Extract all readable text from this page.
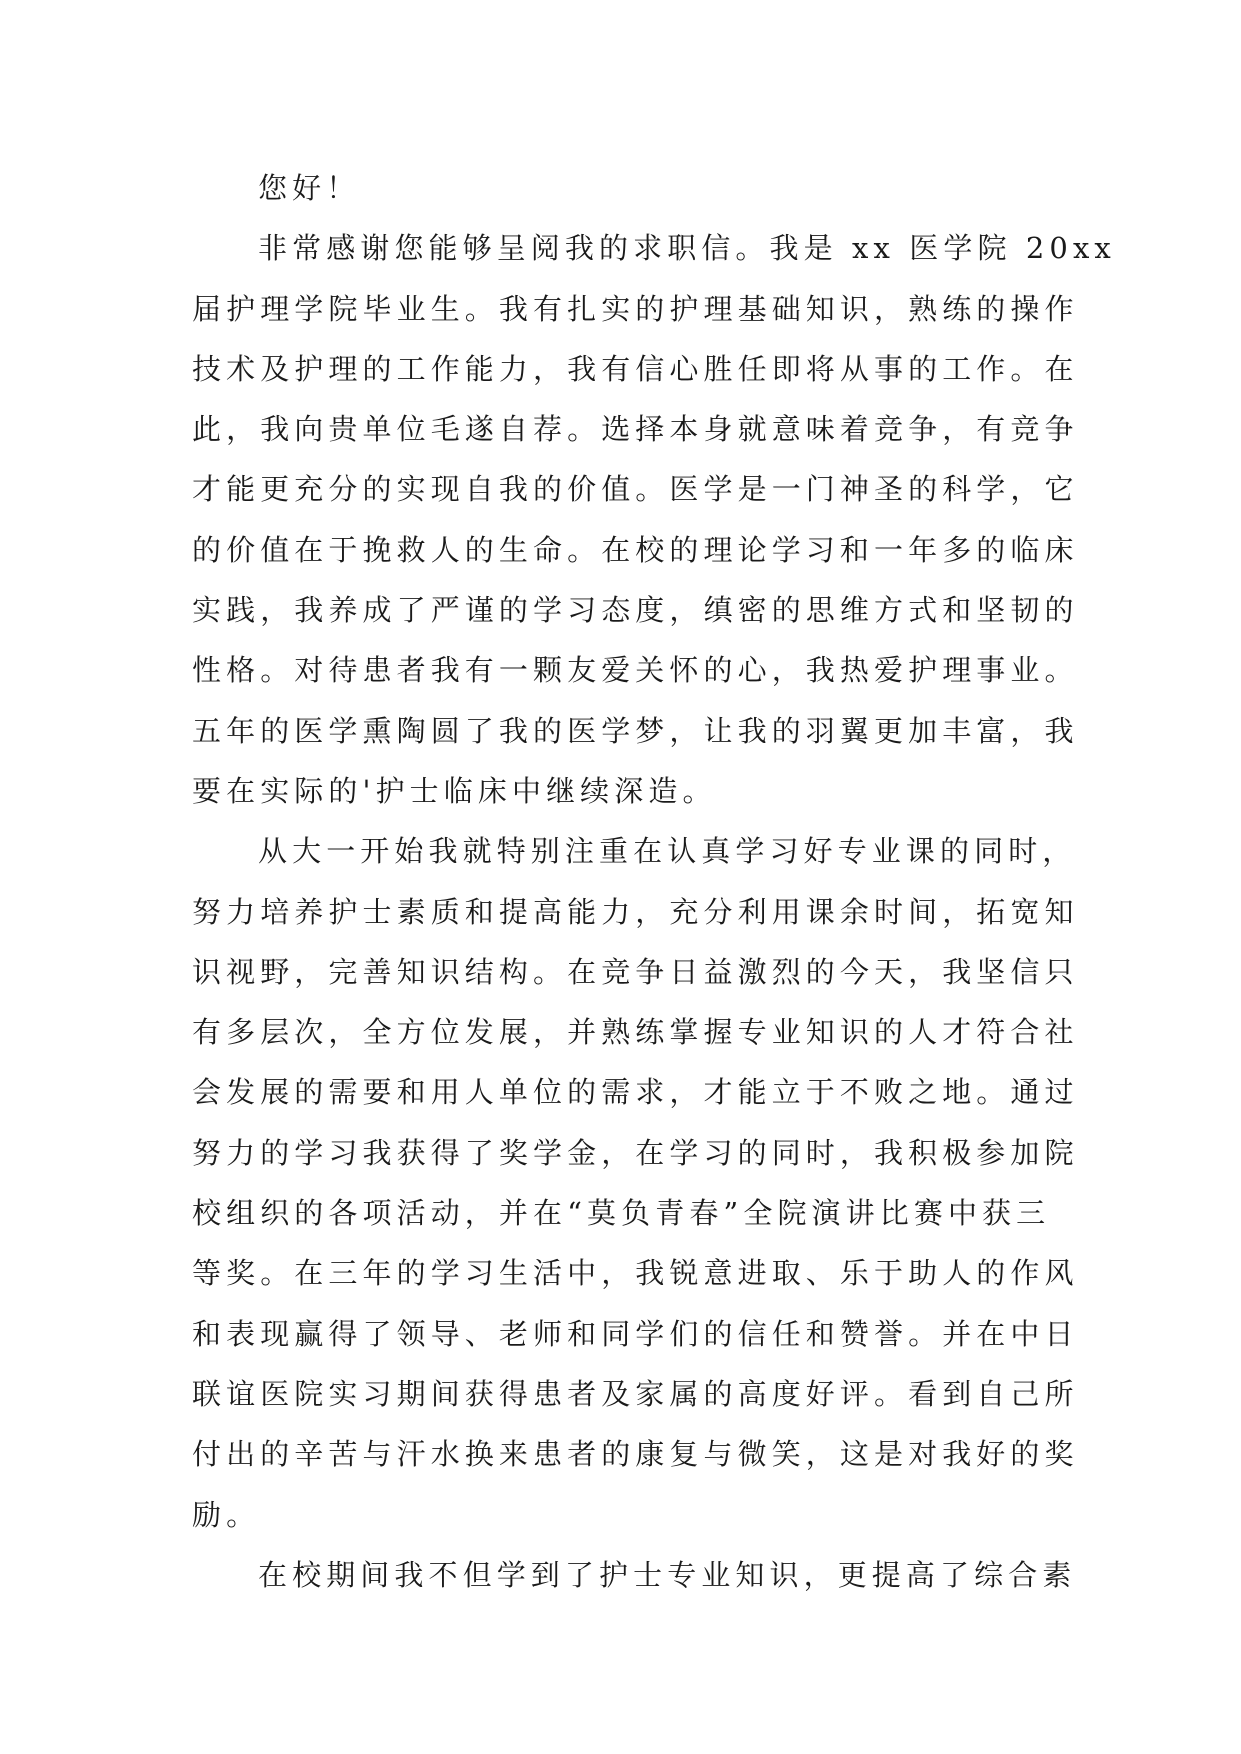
您好！
非常感谢您能够呈阅我的求职信。我是 xx 医学院 20xx
届护理学院毕业生。我有扎实的护理基础知识，熟练的操作
技术及护理的工作能力，我有信心胜任即将从事的工作。在
此，我向贵单位毛遂自荐。选择本身就意味着竞争，有竞争
才能更充分的实现自我的价值。医学是一门神圣的科学，它
的价值在于挽救人的生命。在校的理论学习和一年多的临床
实践，我养成了严谨的学习态度，缜密的思维方式和坚韧的
性格。对待患者我有一颗友爱关怀的心，我热爱护理事业。
五年的医学熏陶圆了我的医学梦，让我的羽翼更加丰富，我
要在实际的'护士临床中继续深造。
从大一开始我就特别注重在认真学习好专业课的同时，
努力培养护士素质和提高能力，充分利用课余时间，拓宽知
识视野，完善知识结构。在竞争日益激烈的今天，我坚信只
有多层次，全方位发展，并熟练掌握专业知识的人才符合社
会发展的需要和用人单位的需求，才能立于不败之地。通过
努力的学习我获得了奖学金，在学习的同时，我积极参加院
校组织的各项活动，并在“莫负青春”全院演讲比赛中获三
等奖。在三年的学习生活中，我锐意进取、乐于助人的作风
和表现赢得了领导、老师和同学们的信任和赞誉。并在中日
联谊医院实习期间获得患者及家属的高度好评。看到自己所
付出的辛苦与汗水换来患者的康复与微笑，这是对我好的奖
励。
在校期间我不但学到了护士专业知识，更提高了综合素
